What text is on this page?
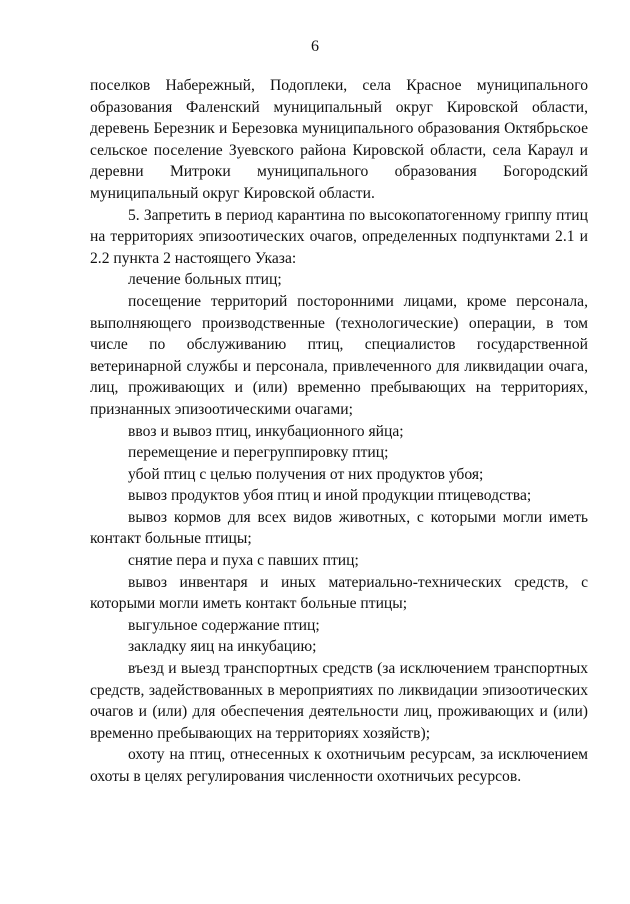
6

поселков Набережный, Подоплеки, села Красное муниципального образования Фаленский муниципальный округ Кировской области, деревень Березник и Березовка муниципального образования Октябрьское сельское поселение Зуевского района Кировской области, села Караул и деревни Митроки муниципального образования Богородский муниципальный округ Кировской области.

5. Запретить в период карантина по высокопатогенному гриппу птиц на территориях эпизоотических очагов, определенных подпунктами 2.1 и 2.2 пункта 2 настоящего Указа:

лечение больных птиц;

посещение территорий посторонними лицами, кроме персонала, выполняющего производственные (технологические) операции, в том числе по обслуживанию птиц, специалистов государственной ветеринарной службы и персонала, привлеченного для ликвидации очага, лиц, проживающих и (или) временно пребывающих на территориях, признанных эпизоотическими очагами;

ввоз и вывоз птиц, инкубационного яйца;

перемещение и перегруппировку птиц;

убой птиц с целью получения от них продуктов убоя;

вывоз продуктов убоя птиц и иной продукции птицеводства;

вывоз кормов для всех видов животных, с которыми могли иметь контакт больные птицы;

снятие пера и пуха с павших птиц;

вывоз инвентаря и иных материально-технических средств, с которыми могли иметь контакт больные птицы;

выгульное содержание птиц;

закладку яиц на инкубацию;

въезд и выезд транспортных средств (за исключением транспортных средств, задействованных в мероприятиях по ликвидации эпизоотических очагов и (или) для обеспечения деятельности лиц, проживающих и (или) временно пребывающих на территориях хозяйств);

охоту на птиц, отнесенных к охотничьим ресурсам, за исключением охоты в целях регулирования численности охотничьих ресурсов.
